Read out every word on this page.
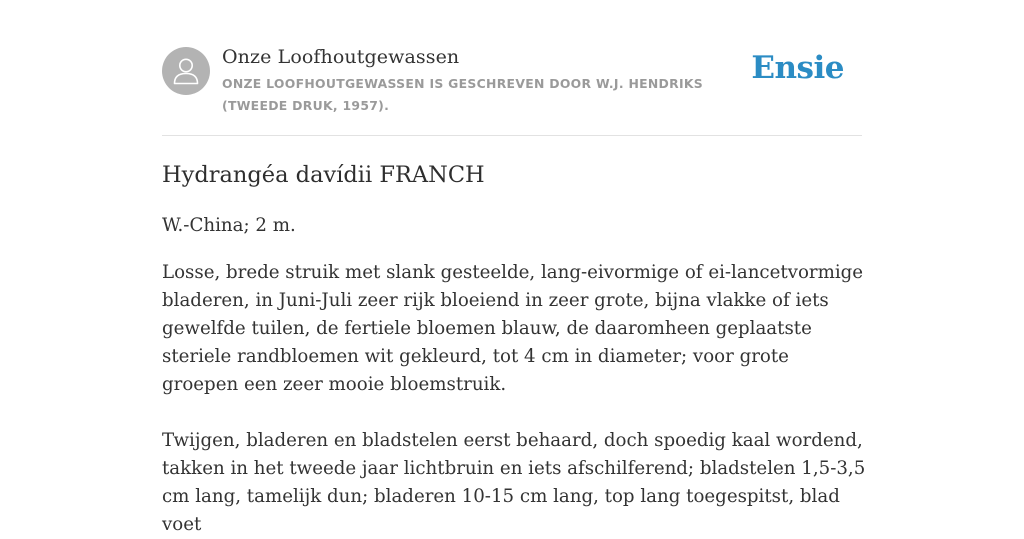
Onze Loofhoutgewassen
ONZE LOOFHOUTGEWASSEN IS GESCHREVEN DOOR W.J. HENDRIKS (TWEEDE DRUK, 1957).
Ensie
Hydrangéa davídii FRANCH

W.-China; 2 m.

Losse, brede struik met slank gesteelde, lang-eivormige of ei-lancetvormige bladeren, in Juni-Juli zeer rijk bloeiend in zeer grote, bijna vlakke of iets gewelfde tuilen, de fertiele bloemen blauw, de daaromheen geplaatste steriele randbloemen wit gekleurd, tot 4 cm in diameter; voor grote groepen een zeer mooie bloemstruik.

Twijgen, bladeren en bladstelen eerst behaard, doch spoedig kaal wordend, takken in het tweede jaar lichtbruin en iets afschilferend; bladstelen 1,5-3,5 cm lang, tamelijk dun; bladeren 10-15 cm lang, top lang toegespitst, blad voet
